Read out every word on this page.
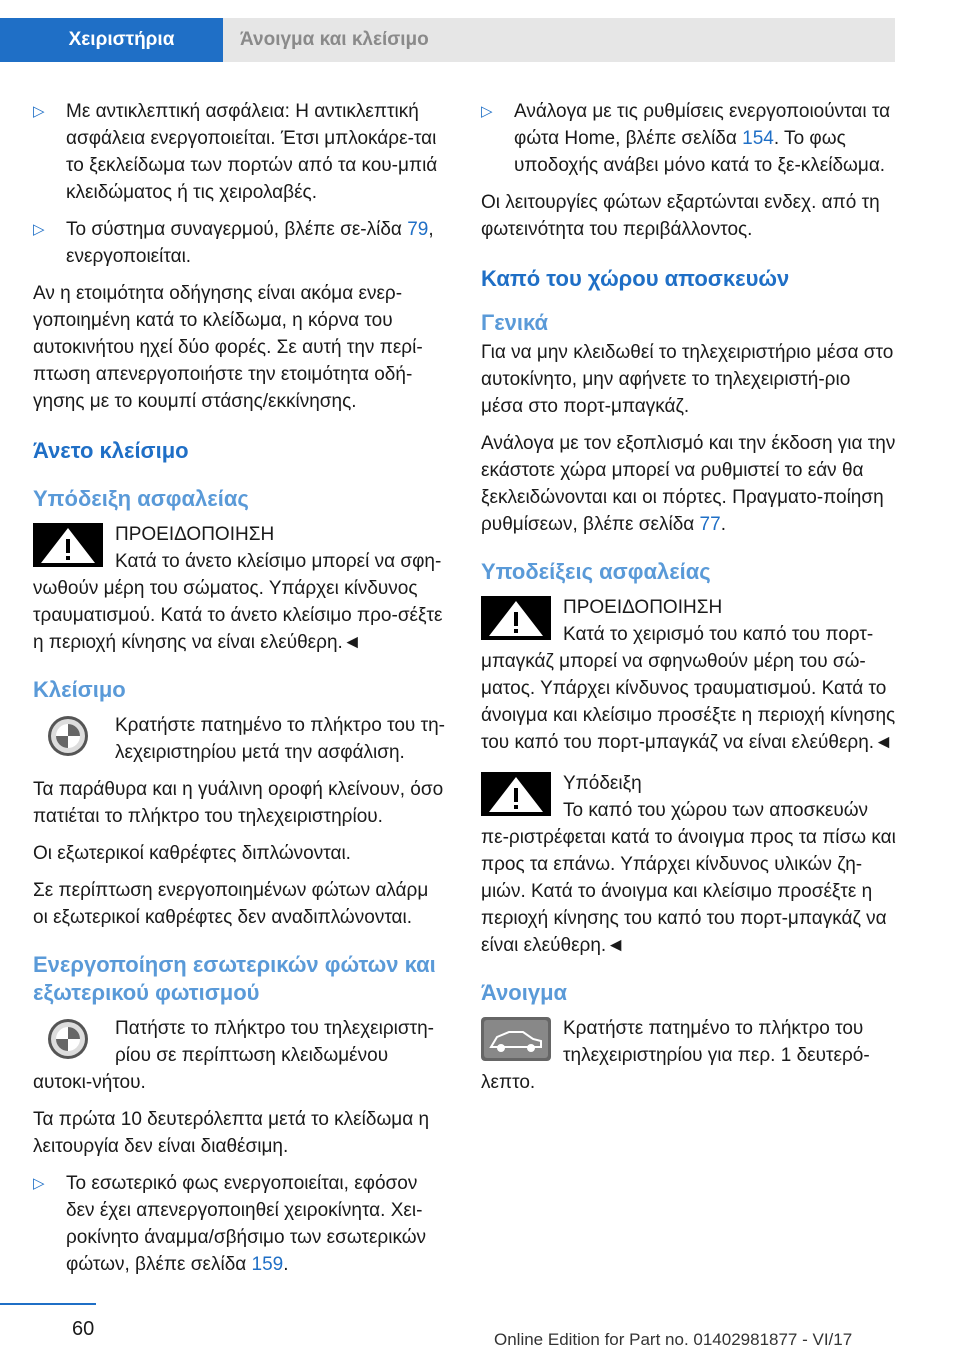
Χειριστήρια	Άνοιγμα και κλείσιμο
▷ Με αντικλεπτική ασφάλεια: Η αντικλεπτική ασφάλεια ενεργοποιείται. Έτσι μπλοκάρε-ται το ξεκλείδωμα των πορτών από τα κου-μπιά κλειδώματος ή τις χειρολαβές.
▷ Το σύστημα συναγερμού, βλέπε σε-λίδα 79, ενεργοποιείται.

Αν η ετοιμότητα οδήγησης είναι ακόμα ενερ-γοποιημένη κατά το κλείδωμα, η κόρνα του αυτοκινήτου ηχεί δύο φορές. Σε αυτή την περί-πτωση απενεργοποιήστε την ετοιμότητα οδή-γησης με το κουμπί στάσης/εκκίνησης.

Άνετο κλείσιμο
Υπόδειξη ασφαλείας
ΠΡΟΕΙΔΟΠΟΙΗΣΗ

Κατά το άνετο κλείσιμο μπορεί να σφη-νωθούν μέρη του σώματος. Υπάρχει κίνδυνος τραυματισμού. Κατά το άνετο κλείσιμο προ-σέξτε η περιοχή κίνησης να είναι ελεύθερη.◄

Κλείσιμο

Κρατήστε πατημένο το πλήκτρο του τη-λεχειριστηρίου μετά την ασφάλιση.

Τα παράθυρα και η γυάλινη οροφή κλείνουν, όσο πατιέται το πλήκτρο του τηλεχειριστηρίου.

Οι εξωτερικοί καθρέφτες διπλώνονται.

Σε περίπτωση ενεργοποιημένων φώτων αλάρμ οι εξωτερικοί καθρέφτες δεν αναδιπλώνονται.

Ενεργοποίηση εσωτερικών φώτων και εξωτερικού φωτισμού

Πατήστε το πλήκτρο του τηλεχειριστη-ρίου σε περίπτωση κλειδωμένου αυτοκι-νήτου.

Τα πρώτα 10 δευτερόλεπτα μετά το κλείδωμα η λειτουργία δεν είναι διαθέσιμη.

▷ Το εσωτερικό φως ενεργοποιείται, εφόσον δεν έχει απενεργοποιηθεί χειροκίνητα. Χει-ροκίνητο άναμμα/σβήσιμο των εσωτερικών φώτων, βλέπε σελίδα 159.
▷ Ανάλογα με τις ρυθμίσεις ενεργοποιούνται τα φώτα Home, βλέπε σελίδα 154. Το φως υποδοχής ανάβει μόνο κατά το ξε-κλείδωμα.

Οι λειτουργίες φώτων εξαρτώνται ενδεχ. από τη φωτεινότητα του περιβάλλοντος.

Καπό του χώρου αποσκευών
Γενικά

Για να μην κλειδωθεί το τηλεχειριστήριο μέσα στο αυτοκίνητο, μην αφήνετε το τηλεχειριστή-ριο μέσα στο πορτ-μπαγκάζ.

Ανάλογα με τον εξοπλισμό και την έκδοση για την εκάστοτε χώρα μπορεί να ρυθμιστεί το εάν θα ξεκλειδώνονται και οι πόρτες. Πραγματο-ποίηση ρυθμίσεων, βλέπε σελίδα 77.

Υποδείξεις ασφαλείας
ΠΡΟΕΙΔΟΠΟΙΗΣΗ

Κατά το χειρισμό του καπό του πορτ-μπαγκάζ μπορεί να σφηνωθούν μέρη του σώ-ματος. Υπάρχει κίνδυνος τραυματισμού. Κατά το άνοιγμα και κλείσιμο προσέξτε η περιοχή κίνησης του καπό του πορτ-μπαγκάζ να είναι ελεύθερη.◄

Υπόδειξη

Το καπό του χώρου των αποσκευών πε-ριστρέφεται κατά το άνοιγμα προς τα πίσω και προς τα επάνω. Υπάρχει κίνδυνος υλικών ζη-μιών. Κατά το άνοιγμα και κλείσιμο προσέξτε η περιοχή κίνησης του καπό του πορτ-μπαγκάζ να είναι ελεύθερη.◄

Άνοιγμα

Κρατήστε πατημένο το πλήκτρο του τηλεχειριστηρίου για περ. 1 δευτερό-λεπτο.

60	Online Edition for Part no. 01402981877 - VI/17
